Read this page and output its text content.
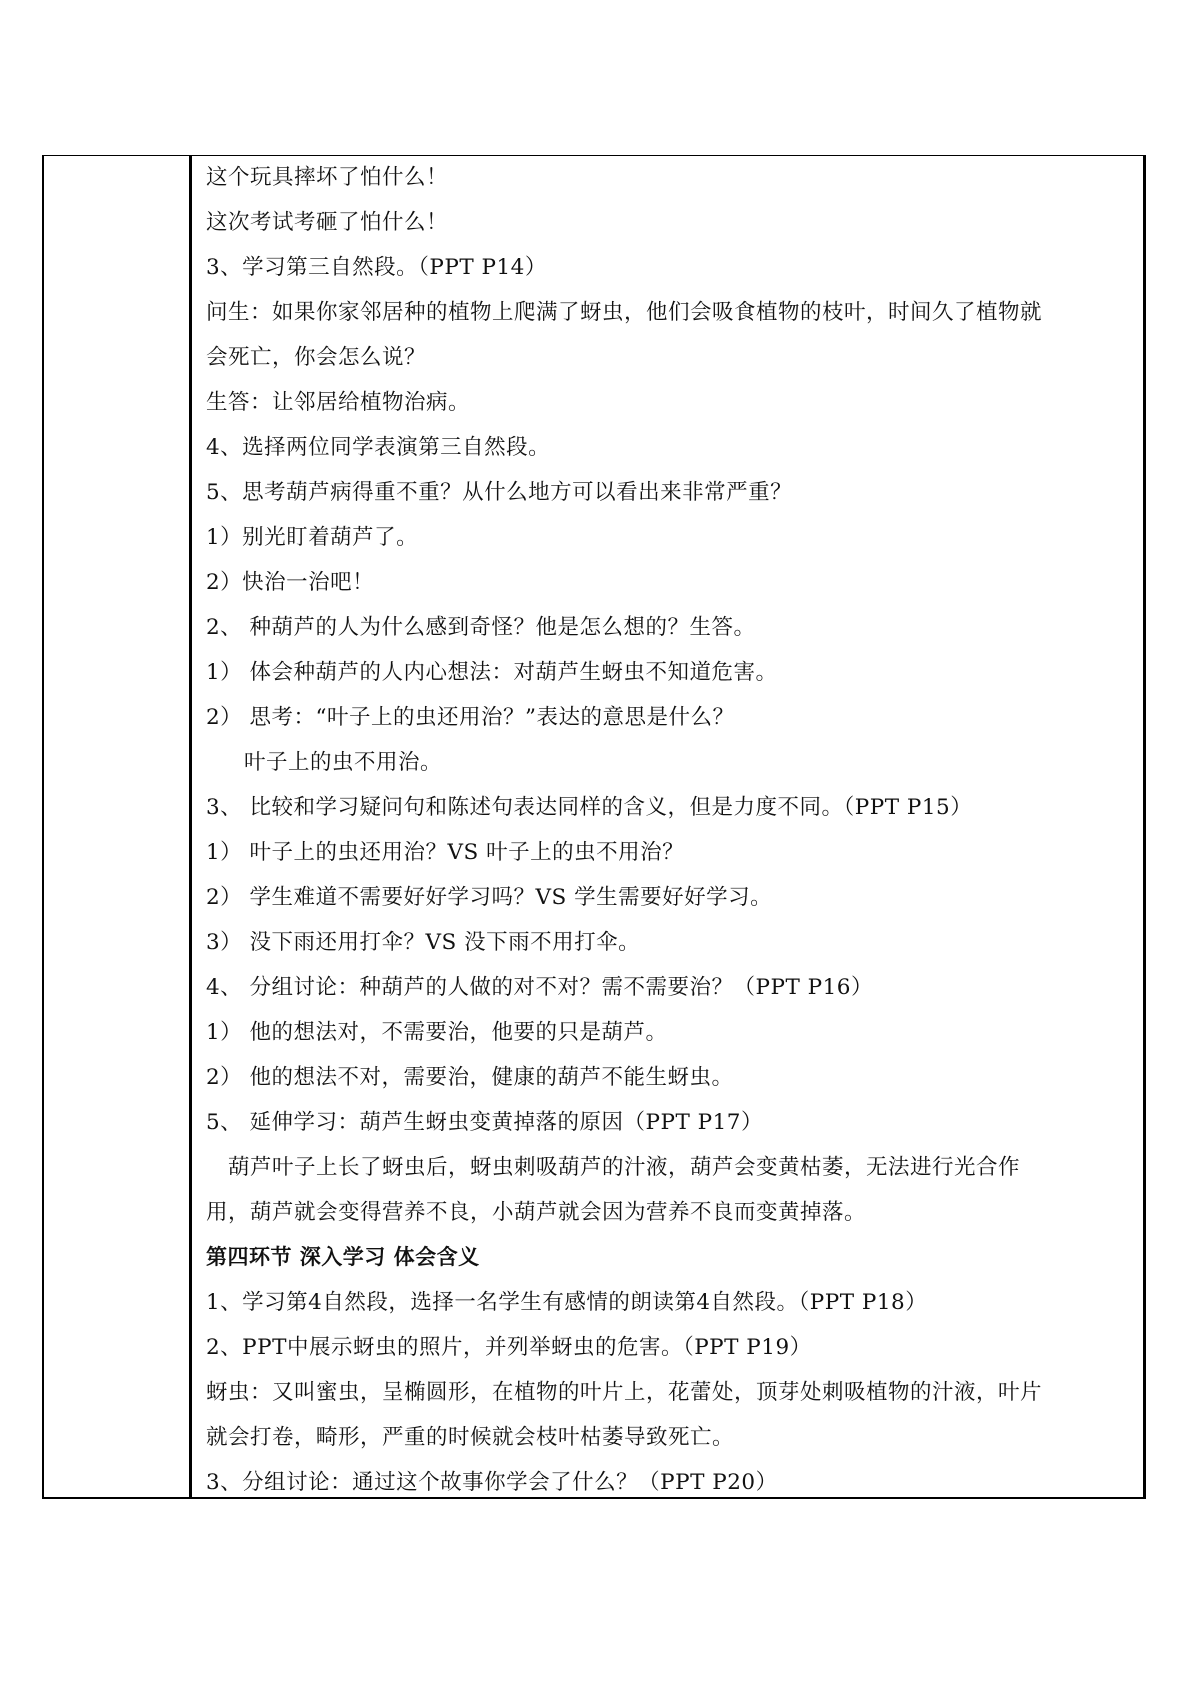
这个玩具摔坏了怕什么！
这次考试考砸了怕什么！
3、学习第三自然段。（PPT P14）
问生：如果你家邻居种的植物上爬满了蚜虫，他们会吸食植物的枝叶，时间久了植物就
会死亡，你会怎么说？
生答：让邻居给植物治病。
4、选择两位同学表演第三自然段。
5、思考葫芦病得重不重？从什么地方可以看出来非常严重？
1）别光盯着葫芦了。
2）快治一治吧！
2、 种葫芦的人为什么感到奇怪？他是怎么想的？生答。
1） 体会种葫芦的人内心想法：对葫芦生蚜虫不知道危害。
2） 思考：“叶子上的虫还用治？”表达的意思是什么？
叶子上的虫不用治。
3、 比较和学习疑问句和陈述句表达同样的含义，但是力度不同。（PPT P15）
1） 叶子上的虫还用治？VS 叶子上的虫不用治？
2） 学生难道不需要好好学习吗？VS 学生需要好好学习。
3） 没下雨还用打伞？VS 没下雨不用打伞。
4、 分组讨论：种葫芦的人做的对不对？需不需要治？（PPT P16）
1） 他的想法对，不需要治，他要的只是葫芦。
2） 他的想法不对，需要治，健康的葫芦不能生蚜虫。
5、 延伸学习：葫芦生蚜虫变黄掉落的原因（PPT P17）
葫芦叶子上长了蚜虫后，蚜虫刺吸葫芦的汁液，葫芦会变黄枯萎，无法进行光合作
用，葫芦就会变得营养不良，小葫芦就会因为营养不良而变黄掉落。
第四环节 深入学习 体会含义
1、学习第4自然段，选择一名学生有感情的朗读第4自然段。（PPT P18）
2、PPT中展示蚜虫的照片，并列举蚜虫的危害。（PPT P19）
蚜虫：又叫蜜虫，呈椭圆形，在植物的叶片上，花蕾处，顶芽处刺吸植物的汁液，叶片
就会打卷，畸形，严重的时候就会枝叶枯萎导致死亡。
3、分组讨论：通过这个故事你学会了什么？（PPT P20）
